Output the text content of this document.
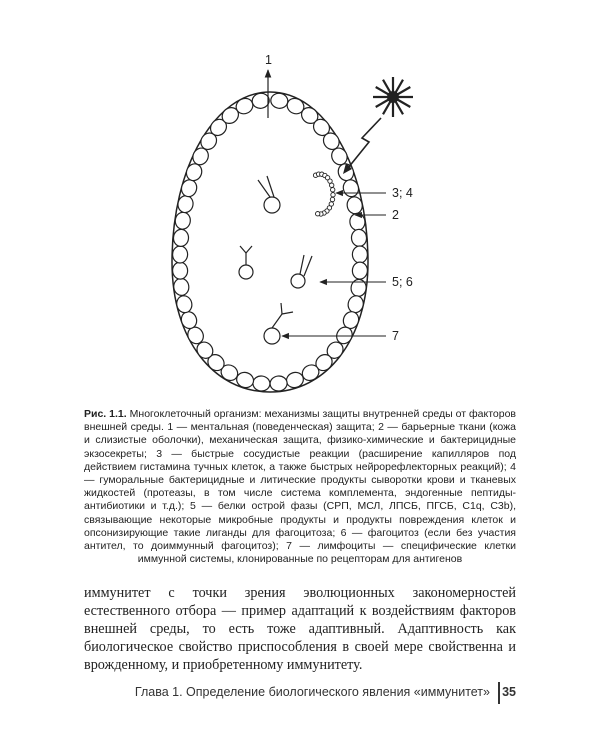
1
3; 4
2
5; 6
7
Рис. 1.1. Многоклеточный организм: механизмы защиты внутренней среды от факторов внешней среды. 1 — ментальная (поведенческая) защита; 2 — барьерные ткани (кожа и слизистые оболочки), механическая защита, физико-химические и бактерицидные экзосекреты; 3 — быстрые сосудистые реакции (расширение капилляров под действием гистамина тучных клеток, а также быстрых нейрорефлекторных реакций); 4 — гуморальные бактерицидные и литические продукты сыворотки крови и тканевых жидкостей (протеазы, в том числе система комплемента, эндогенные пептиды-антибиотики и т.д.); 5 — белки острой фазы (СРП, МСЛ, ЛПСБ, ПГСБ, C1q, C3b), связывающие некоторые микробные продукты и продукты повреждения клеток и опсонизирующие такие лиганды для фагоцитоза; 6 — фагоцитоз (если без участия антител, то доиммунный фагоцитоз); 7 — лимфоциты — специфические клетки иммунной системы, клонированные по рецепторам для антигенов
иммунитет с точки зрения эволюционных закономерностей естественного отбора — пример адаптаций к воздействиям факторов внешней среды, то есть тоже адаптивный. Адаптивность как биологическое свойство приспособления в своей мере свойственна и врожденному, и приобретенному иммунитету.
Глава 1. Определение биологического явления «иммунитет» 35
